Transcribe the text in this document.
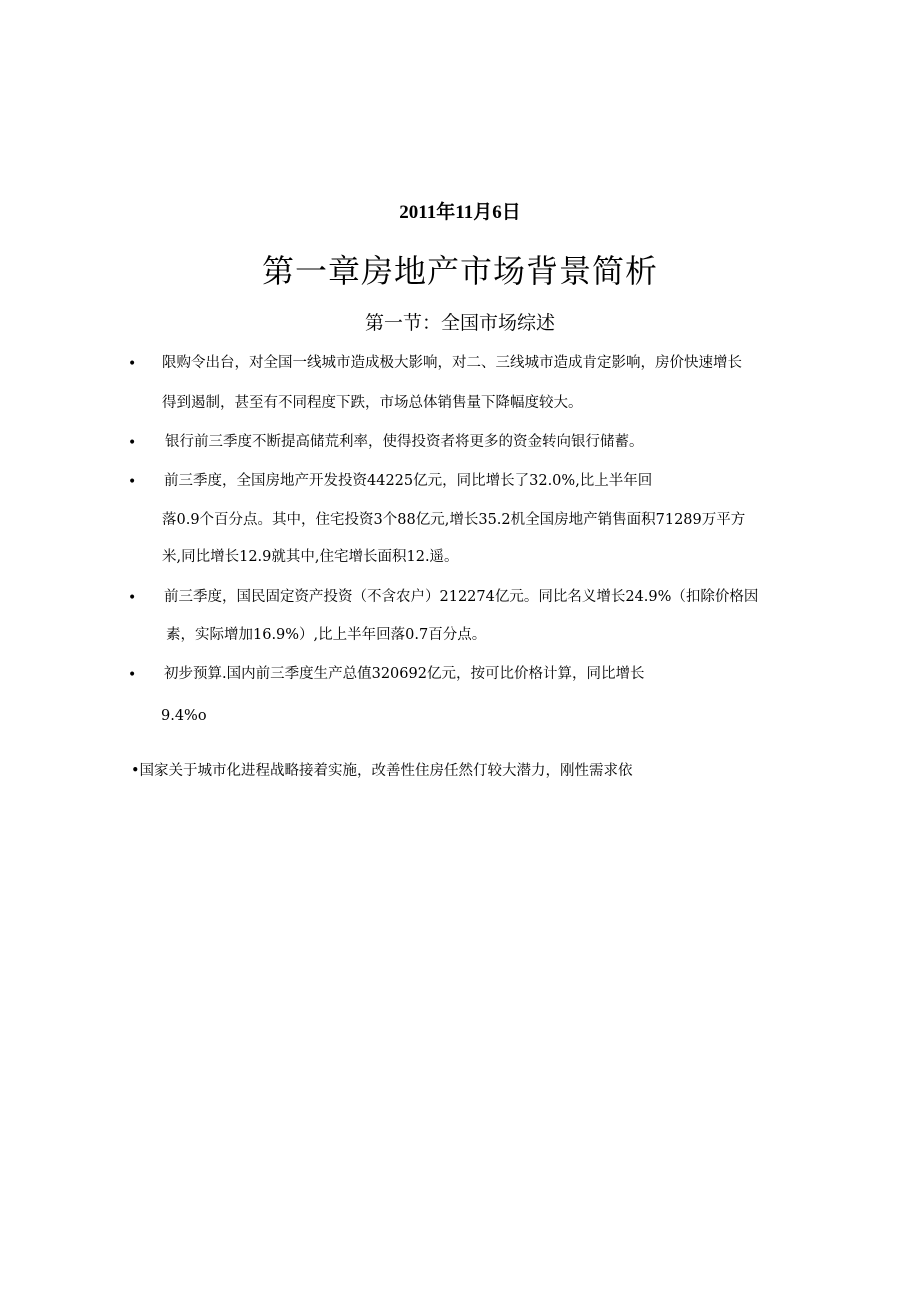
2011年11月6日
第一章房地产市场背景简析
第一节：全国市场综述
• 限购令出台，对全国一线城市造成极大影响，对二、三线城市造成肯定影响，房价快速增长
得到遏制，甚至有不同程度下跌，市场总体销售量下降幅度较大。
• 银行前三季度不断提高储荒利率，使得投资者将更多的资金转向银行储蓄。
• 前三季度，全国房地产开发投资44225亿元，同比增长了32.0%,比上半年回
落0.9个百分点。其中，住宅投资3个88亿元,增长35.2机全国房地产销售面积71289万平方
米,同比增长12.9就其中,住宅增长面积12.遥。
• 前三季度，国民固定资产投资（不含农户）212274亿元。同比名义增长24.9%（扣除价格因
素，实际增加16.9%）,比上半年回落0.7百分点。
• 初步预算.国内前三季度生产总值320692亿元，按可比价格计算，同比增长
9.4%o
•国家关于城市化进程战略接着实施，改善性住房任然仃较大潜力，刚性需求依
